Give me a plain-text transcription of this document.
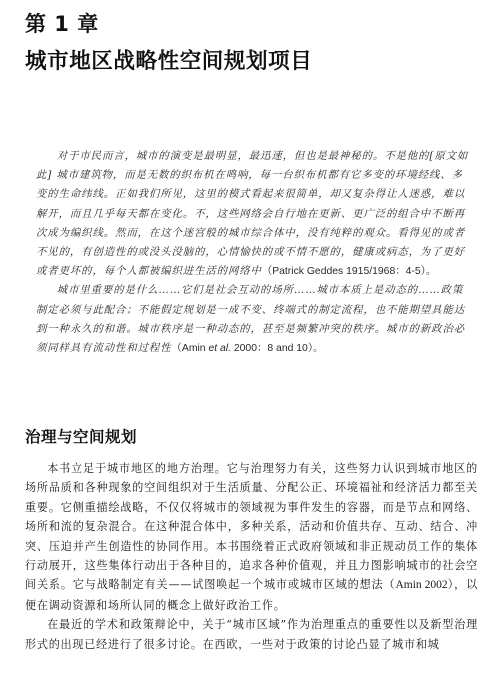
第 1 章
城市地区战略性空间规划项目

对于市民而言，城市的演变是最明显，最迅速，但也是最神秘的。不是他的[原文如此] 城市建筑物，而是无数的织布机在鸣响，每一台织布机都有它多变的环境经线、多变的生命纬线。正如我们所见，这里的模式看起来很简单，却又复杂得让人迷惑，难以解开，而且几乎每天都在变化。不，这些网络会自行地在更新、更广泛的组合中不断再次成为编织线。然而，在这个迷宫般的城市综合体中，没有纯粹的观众。看得见的或者不见的，有创造性的或没头没脑的，心情愉快的或不情不愿的，健康或病态，为了更好或者更坏的，每个人都被编织进生活的网络中（Patrick Geddes 1915/1968：4-5）。

城市里重要的是什么……它们是社会互动的场所……城市本质上是动态的……政策制定必须与此配合；不能假定规划是一成不变、终端式的制定流程，也不能期望具能达到一种永久的和谐。城市秩序是一种动态的，甚至是频繁冲突的秩序。城市的新政治必须同样具有流动性和过程性（Amin et al. 2000：8 and 10）。

治理与空间规划

本书立足于城市地区的地方治理。它与治理努力有关，这些努力认识到城市地区的场所品质和各种现象的空间组织对于生活质量、分配公正、环境福祉和经济活力都至关重要。它侧重描绘战略，不仅仅将城市的领域视为事件发生的容器，而是节点和网络、场所和流的复杂混合。在这种混合体中，多种关系，活动和价值共存、互动、结合、冲突、压迫并产生创造性的协同作用。本书围绕着正式政府领域和非正规动员工作的集体行动展开，这些集体行动出于各种目的，追求各种价值观，并且力图影响城市的社会空间关系。它与战略制定有关——试图唤起一个城市或城市区域的想法（Amin 2002），以便在调动资源和场所认同的概念上做好政治工作。

在最近的学术和政策辩论中，关于“城市区域”作为治理重点的重要性以及新型治理形式的出现已经进行了很多讨论。在西欧，一些对于政策的讨论凸显了城市和城
